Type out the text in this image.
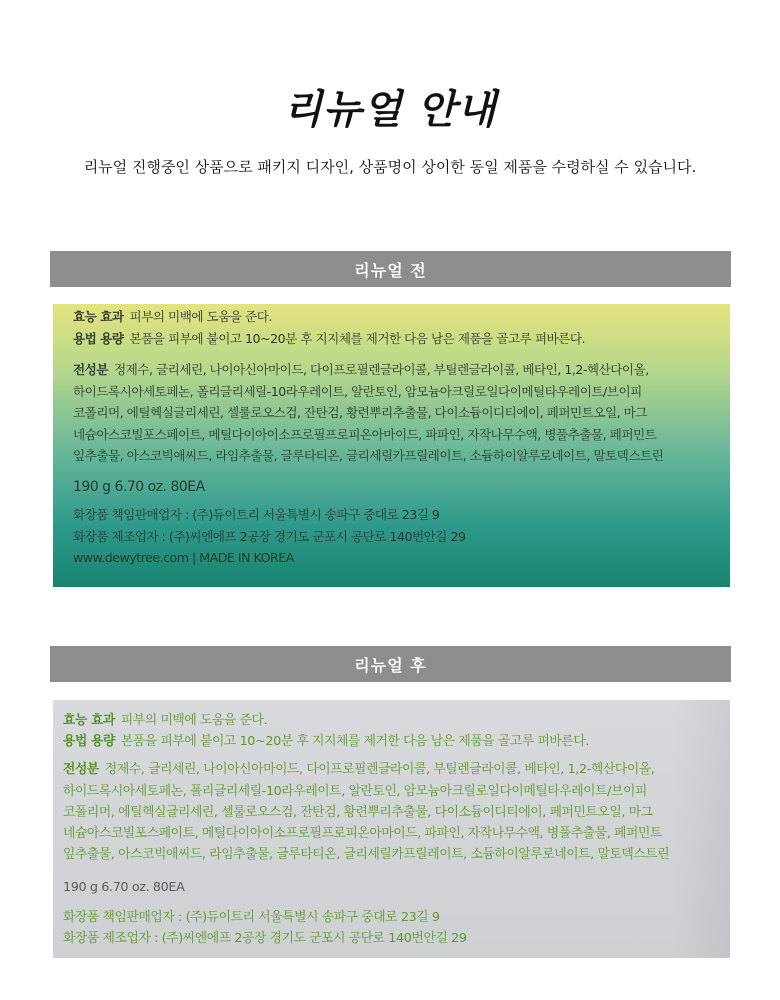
리뉴얼 안내
리뉴얼 진행중인 상품으로 패키지 디자인, 상품명이 상이한 동일 제품을 수령하실 수 있습니다.
리뉴얼 전
효능 효과 피부의 미백에 도움을 준다.
용법 용량 본품을 피부에 붙이고 10~20분 후 지지체를 제거한 다음 남은 제품을 골고루 펴바른다.
전성분 정제수, 글리세린, 나이아신아마이드, 다이프로필렌글라이콜, 부틸렌글라이콜, 베타인, 1,2-헥산다이올,
하이드록시아세토페논, 폴리글리세릴-10라우레이트, 알란토인, 암모늄아크릴로일다이메틸타우레이트/브이피
코폴리머, 에틸헥실글리세린, 셀룰로오스검, 잔탄검, 황련뿌리추출물, 다이소듐이디티에이, 페퍼민트오일, 마그
네슘아스코빌포스페이트, 메틸다이아이소프로필프로피온아마이드, 파파인, 자작나무수액, 병풀추출물, 페퍼민트
잎추출물, 아스코빅애씨드, 라임추출물, 글루타티온, 글리세릴카프릴레이트, 소듐하이알루로네이트, 말토덱스트린
190 g 6.70 oz. 80EA
화장품 책임판매업자 : (주)듀이트리 서울특별시 송파구 중대로 23길 9
화장품 제조업자 : (주)씨엔에프 2공장 경기도 군포시 공단로 140번안길 29
www.dewytree.com | MADE IN KOREA
리뉴얼 후
효능 효과 피부의 미백에 도움을 준다.
용법 용량 본품을 피부에 붙이고 10~20분 후 지지체를 제거한 다음 남은 제품을 골고루 펴바른다.
전성분 정제수, 글리세린, 나이아신아마이드, 다이프로필렌글라이콜, 부틸렌글라이콜, 베타인, 1,2-헥산다이올,
하이드록시아세토페논, 폴리글리세릴-10라우레이트, 알란토인, 암모늄아크릴로일다이메틸타우레이트/브이피
코폴리머, 에틸헥실글리세린, 셀룰로오스검, 잔탄검, 황련뿌리추출물, 다이소듐이디티에이, 페퍼민트오일, 마그
네슘아스코빌포스페이트, 메틸다이아이소프로필프로피온아마이드, 파파인, 자작나무수액, 병풀추출물, 페퍼민트
잎추출물, 아스코빅애씨드, 라임추출물, 글루타티온, 글리세릴카프릴레이트, 소듐하이알루로네이트, 말토덱스트린
190 g 6.70 oz. 80EA
화장품 책임판매업자 : (주)듀이트리 서울특별시 송파구 중대로 23길 9
화장품 제조업자 : (주)씨엔에프 2공장 경기도 군포시 공단로 140번안길 29
